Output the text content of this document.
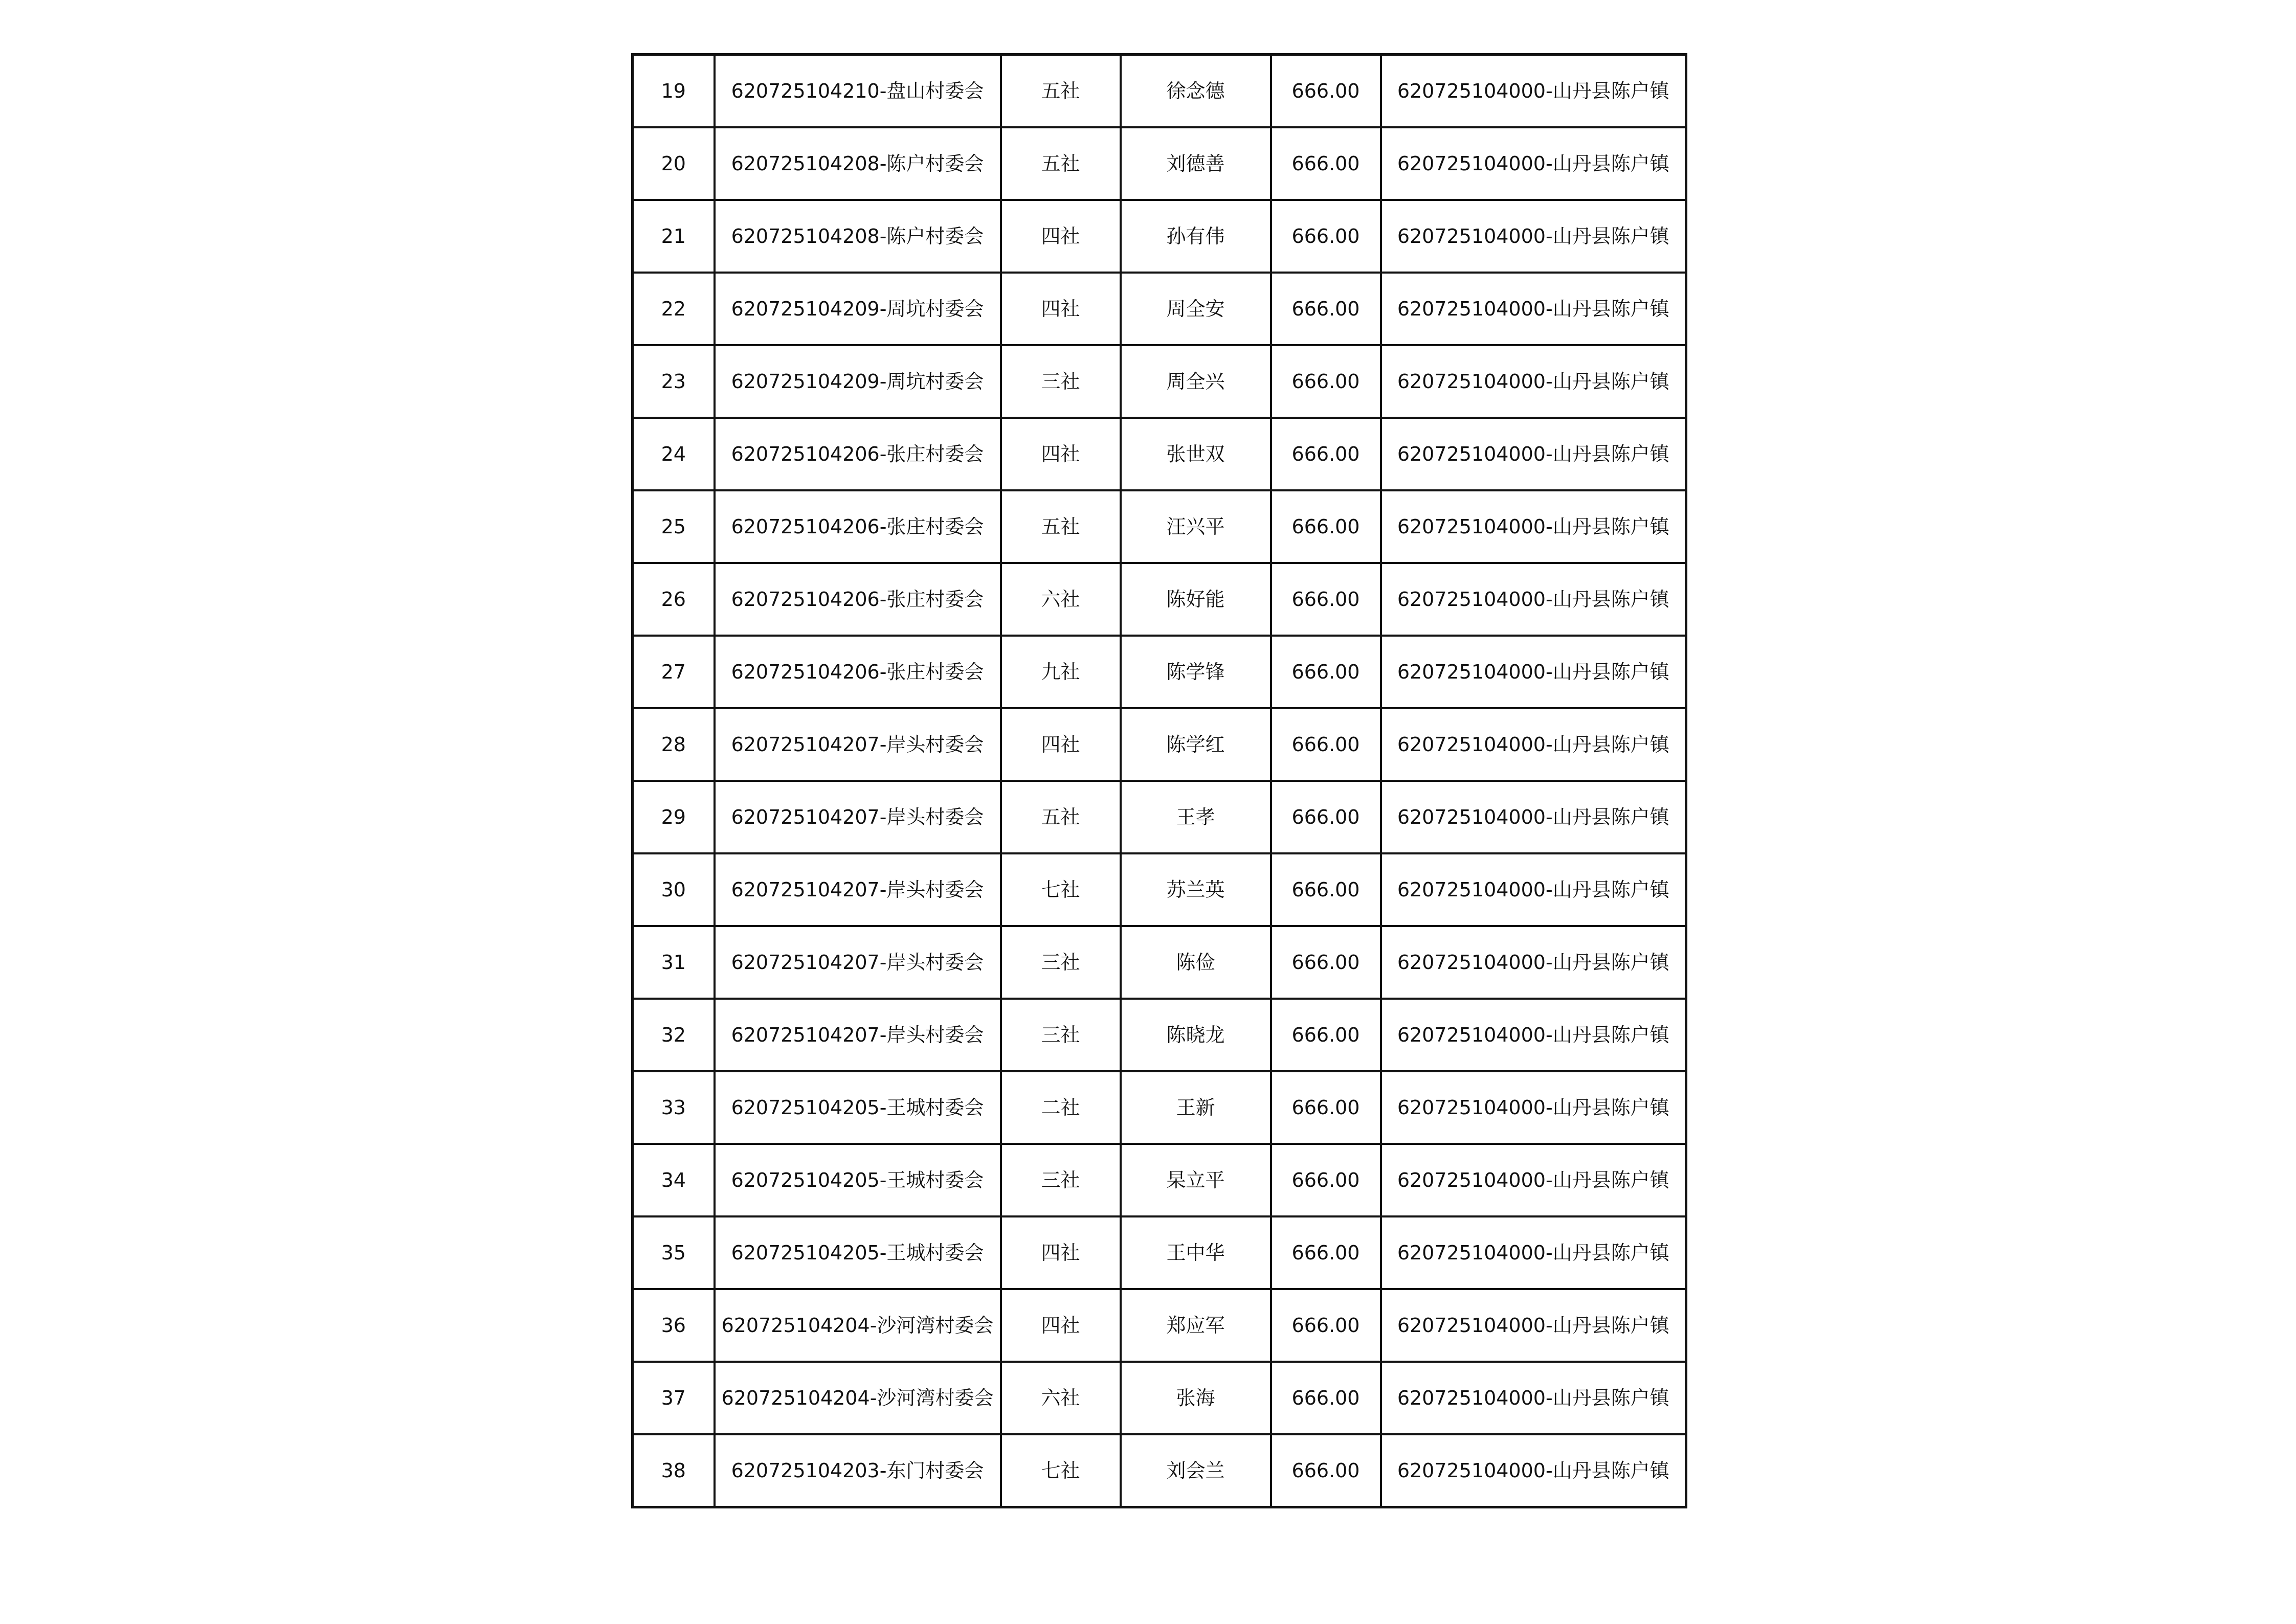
19	620725104210-盘山村委会	五社	徐念德	666.00	620725104000-山丹县陈户镇
20	620725104208-陈户村委会	五社	刘德善	666.00	620725104000-山丹县陈户镇
21	620725104208-陈户村委会	四社	孙有伟	666.00	620725104000-山丹县陈户镇
22	620725104209-周坑村委会	四社	周全安	666.00	620725104000-山丹县陈户镇
23	620725104209-周坑村委会	三社	周全兴	666.00	620725104000-山丹县陈户镇
24	620725104206-张庄村委会	四社	张世双	666.00	620725104000-山丹县陈户镇
25	620725104206-张庄村委会	五社	汪兴平	666.00	620725104000-山丹县陈户镇
26	620725104206-张庄村委会	六社	陈好能	666.00	620725104000-山丹县陈户镇
27	620725104206-张庄村委会	九社	陈学锋	666.00	620725104000-山丹县陈户镇
28	620725104207-岸头村委会	四社	陈学红	666.00	620725104000-山丹县陈户镇
29	620725104207-岸头村委会	五社	王孝	666.00	620725104000-山丹县陈户镇
30	620725104207-岸头村委会	七社	苏兰英	666.00	620725104000-山丹县陈户镇
31	620725104207-岸头村委会	三社	陈俭	666.00	620725104000-山丹县陈户镇
32	620725104207-岸头村委会	三社	陈晓龙	666.00	620725104000-山丹县陈户镇
33	620725104205-王城村委会	二社	王新	666.00	620725104000-山丹县陈户镇
34	620725104205-王城村委会	三社	杲立平	666.00	620725104000-山丹县陈户镇
35	620725104205-王城村委会	四社	王中华	666.00	620725104000-山丹县陈户镇
36	620725104204-沙河湾村委会	四社	郑应军	666.00	620725104000-山丹县陈户镇
37	620725104204-沙河湾村委会	六社	张海	666.00	620725104000-山丹县陈户镇
38	620725104203-东门村委会	七社	刘会兰	666.00	620725104000-山丹县陈户镇
